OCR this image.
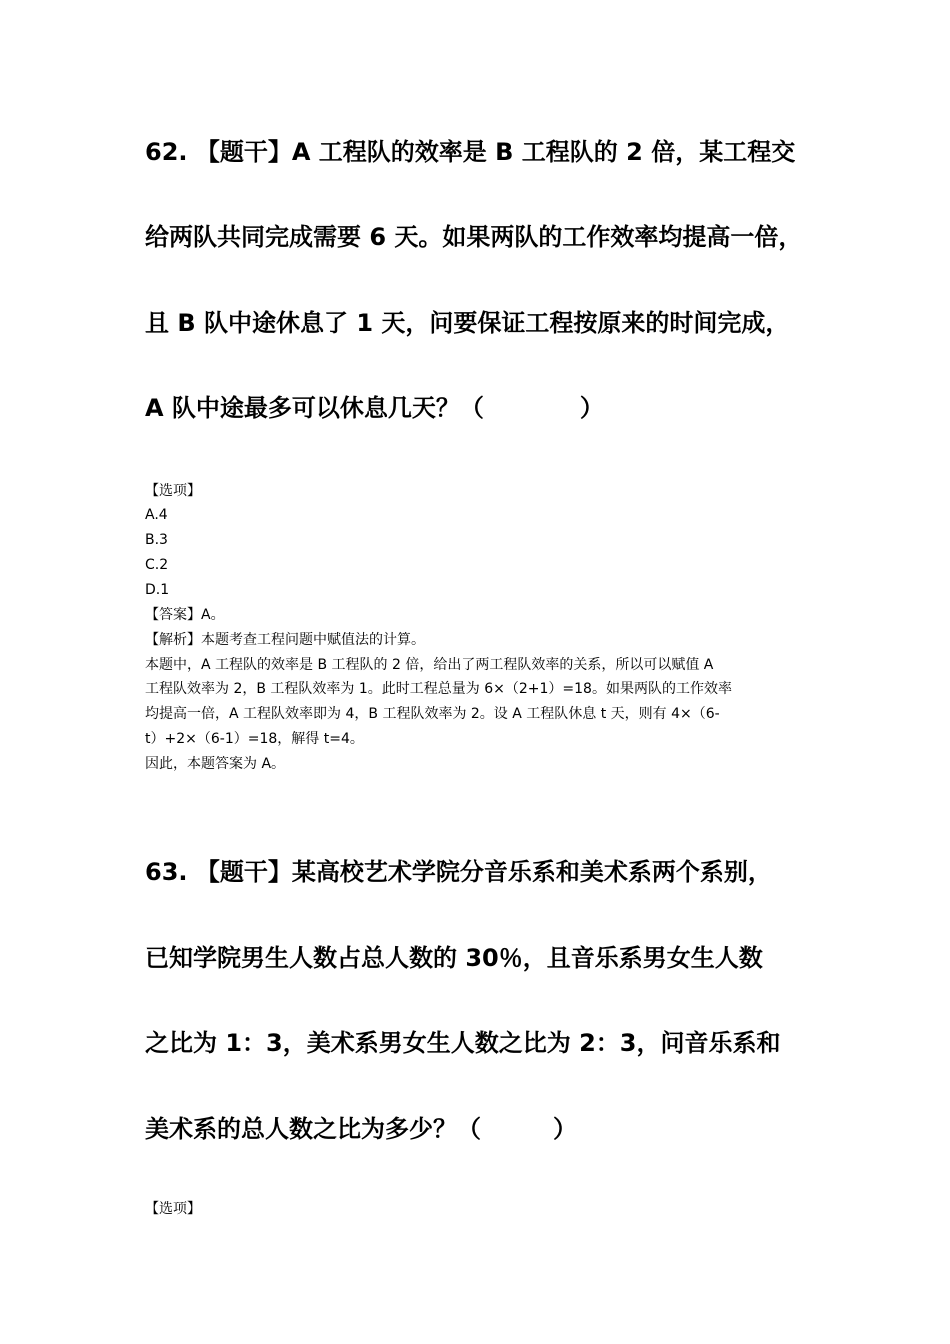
62. 【题干】A 工程队的效率是 B 工程队的 2 倍，某工程交
给两队共同完成需要 6 天。如果两队的工作效率均提高一倍，
且 B 队中途休息了 1 天，问要保证工程按原来的时间完成，
A 队中途最多可以休息几天？（　　　　）
【选项】
A.4
B.3
C.2
D.1
【答案】A。
【解析】本题考查工程问题中赋值法的计算。
本题中，A 工程队的效率是 B 工程队的 2 倍，给出了两工程队效率的关系，所以可以赋值 A
工程队效率为 2，B 工程队效率为 1。此时工程总量为 6×（2+1）=18。如果两队的工作效率
均提高一倍，A 工程队效率即为 4，B 工程队效率为 2。设 A 工程队休息 t 天，则有 4×（6-
t）+2×（6-1）=18，解得 t=4。
因此，本题答案为 A。
63. 【题干】某高校艺术学院分音乐系和美术系两个系别，
已知学院男生人数占总人数的 30％，且音乐系男女生人数
之比为 1：3，美术系男女生人数之比为 2：3，问音乐系和
美术系的总人数之比为多少？（　　　）
【选项】
